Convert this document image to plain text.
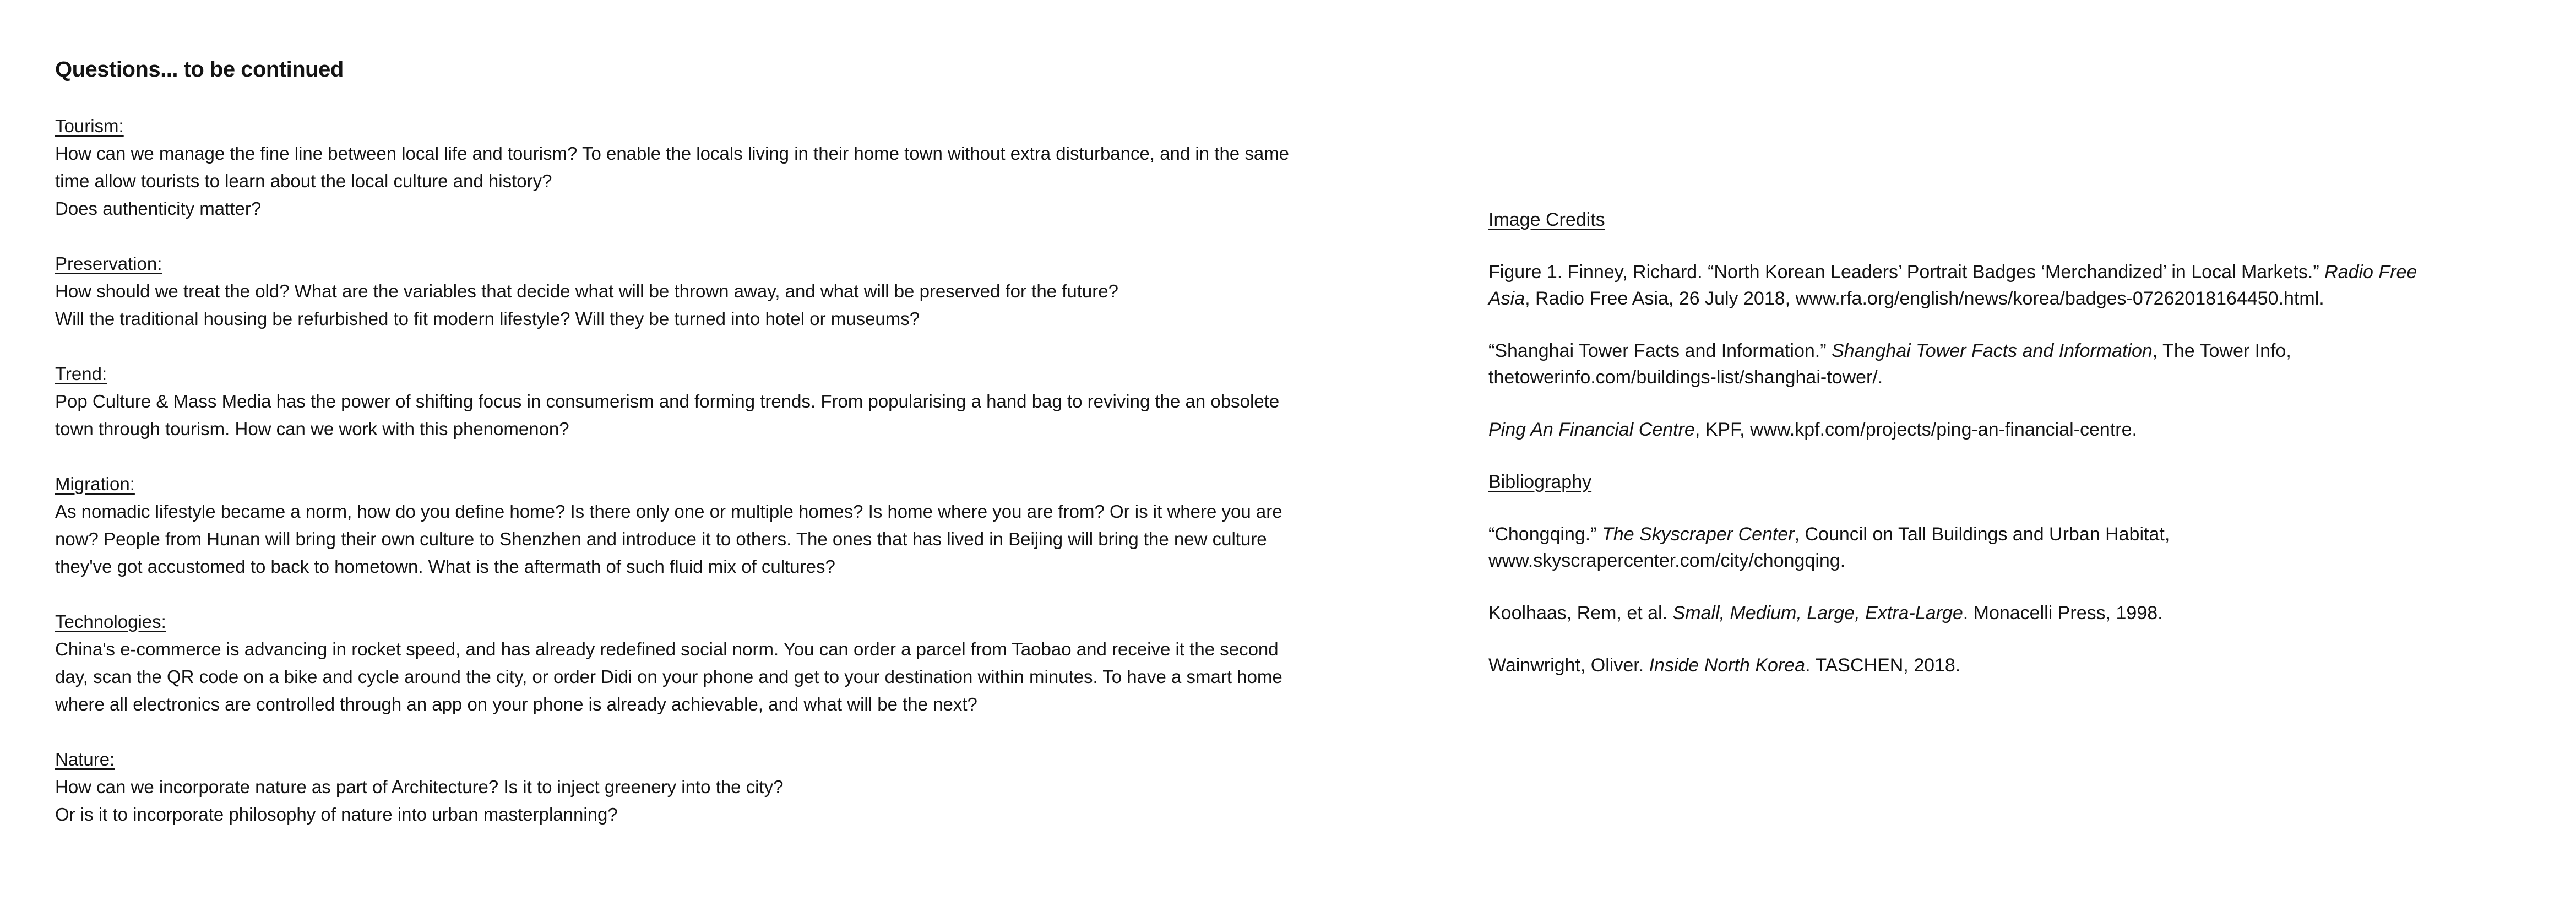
Questions... to be continued
Tourism:

How can we manage the fine line between local life and tourism? To enable the locals living in their home town without extra disturbance, and in the same time allow tourists to learn about the local culture and history?

Does authenticity matter?

Preservation:

How should we treat the old? What are the variables that decide what will be thrown away, and what will be preserved for the future?

Will the traditional housing be refurbished to fit modern lifestyle? Will they be turned into hotel or museums?

Trend:

Pop Culture & Mass Media has the power of shifting focus in consumerism and forming trends. From popularising a hand bag to reviving the an obsolete town through tourism. How can we work with this phenomenon?

Migration:

As nomadic lifestyle became a norm, how do you define home? Is there only one or multiple homes? Is home where you are from? Or is it where you are now? People from Hunan will bring their own culture to Shenzhen and introduce it to others. The ones that has lived in Beijing will bring the new culture they've got accustomed to back to hometown. What is the aftermath of such fluid mix of cultures?

Technologies:

China's e-commerce is advancing in rocket speed, and has already redefined social norm. You can order a parcel from Taobao and receive it the second day, scan the QR code on a bike and cycle around the city, or order Didi on your phone and get to your destination within minutes. To have a smart home where all electronics are controlled through an app on your phone is already achievable, and what will be the next?

Nature:

How can we incorporate nature as part of Architecture? Is it to inject greenery into the city?

Or is it to incorporate philosophy of nature into urban masterplanning?

Image Credits

Figure 1. Finney, Richard. “North Korean Leaders’ Portrait Badges ‘Merchandized’ in Local Markets.” Radio Free Asia, Radio Free Asia, 26 July 2018, www.rfa.org/english/news/korea/badges-07262018164450.html.

“Shanghai Tower Facts and Information.” Shanghai Tower Facts and Information, The Tower Info, thetowerinfo.com/buildings-list/shanghai-tower/.

Ping An Financial Centre, KPF, www.kpf.com/projects/ping-an-financial-centre.

Bibliography

“Chongqing.” The Skyscraper Center, Council on Tall Buildings and Urban Habitat, www.skyscrapercenter.com/city/chongqing.

Koolhaas, Rem, et al. Small, Medium, Large, Extra-Large. Monacelli Press, 1998.

Wainwright, Oliver. Inside North Korea. TASCHEN, 2018.
